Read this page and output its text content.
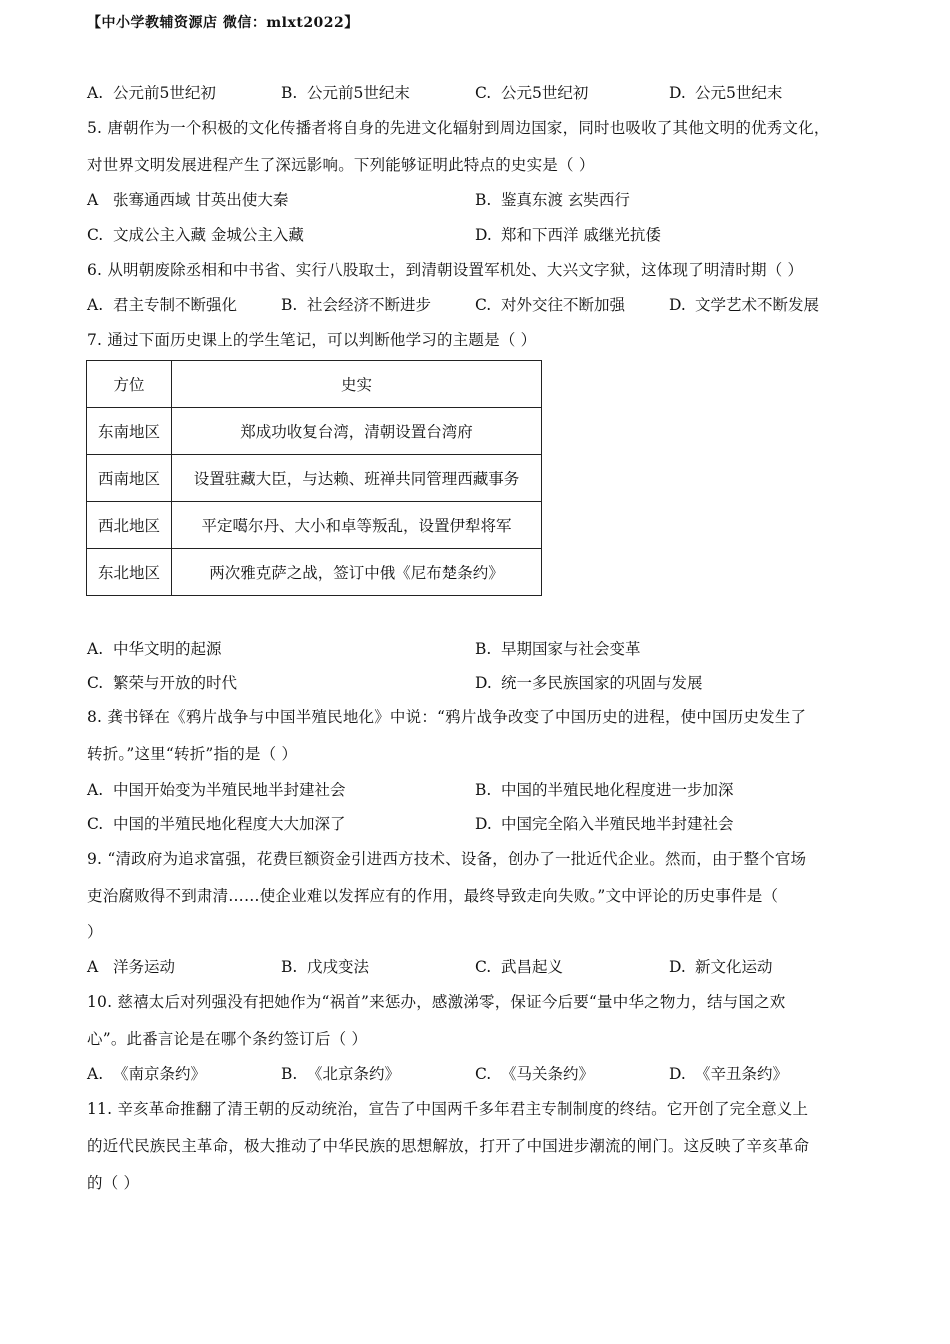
【中小学教辅资源店 微信：mlxt2022】
A. 公元前5世纪初	B. 公元前5世纪末	C. 公元5世纪初	D. 公元5世纪末
5. 唐朝作为一个积极的文化传播者将自身的先进文化辐射到周边国家，同时也吸收了其他文明的优秀文化，
对世界文明发展进程产生了深远影响。下列能够证明此特点的史实是（ ）
A 张骞通西域 甘英出使大秦	B. 鉴真东渡 玄奘西行
C. 文成公主入藏 金城公主入藏	D. 郑和下西洋 戚继光抗倭
6. 从明朝废除丞相和中书省、实行八股取士，到清朝设置军机处、大兴文字狱，这体现了明清时期（ ）
A. 君主专制不断强化	B. 社会经济不断进步	C. 对外交往不断加强	D. 文学艺术不断发展
7. 通过下面历史课上的学生笔记，可以判断他学习的主题是（ ）
方位	史实
东南地区	郑成功收复台湾，清朝设置台湾府
西南地区	设置驻藏大臣，与达赖、班禅共同管理西藏事务
西北地区	平定噶尔丹、大小和卓等叛乱，设置伊犁将军
东北地区	两次雅克萨之战，签订中俄《尼布楚条约》
A. 中华文明的起源	B. 早期国家与社会变革
C. 繁荣与开放的时代	D. 统一多民族国家的巩固与发展
8. 龚书铎在《鸦片战争与中国半殖民地化》中说：“鸦片战争改变了中国历史的进程，使中国历史发生了
转折。”这里“转折”指的是（ ）
A. 中国开始变为半殖民地半封建社会	B. 中国的半殖民地化程度进一步加深
C. 中国的半殖民地化程度大大加深了	D. 中国完全陷入半殖民地半封建社会
9. “清政府为追求富强，花费巨额资金引进西方技术、设备，创办了一批近代企业。然而，由于整个官场
吏治腐败得不到肃清……使企业难以发挥应有的作用，最终导致走向失败。”文中评论的历史事件是（
）
A 洋务运动	B. 戊戌变法	C. 武昌起义	D. 新文化运动
10. 慈禧太后对列强没有把她作为“祸首”来惩办，感激涕零，保证今后要“量中华之物力，结与国之欢
心”。此番言论是在哪个条约签订后（ ）
A. 《南京条约》	B. 《北京条约》	C. 《马关条约》	D. 《辛丑条约》
11. 辛亥革命推翻了清王朝的反动统治，宣告了中国两千多年君主专制制度的终结。它开创了完全意义上
的近代民族民主革命，极大推动了中华民族的思想解放，打开了中国进步潮流的闸门。这反映了辛亥革命
的（ ）
